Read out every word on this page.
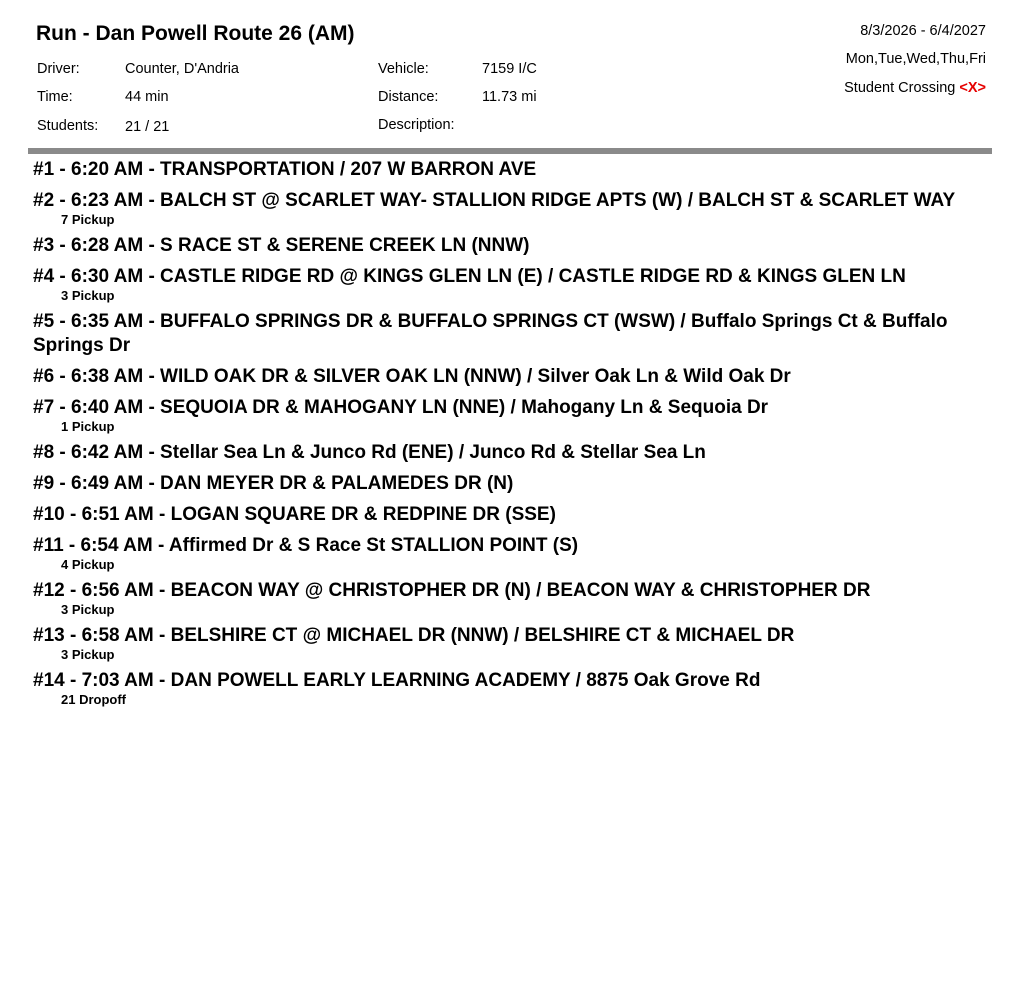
Run - Dan Powell Route 26 (AM)
Driver:	Counter, D'Andria
Time:	44 min
Students: 21 / 21
Vehicle:	7159 I/C
Distance:	11.73 mi
Description:
8/3/2026 - 6/4/2027
Mon,Tue,Wed,Thu,Fri
Student Crossing <X>
#1 - 6:20 AM - TRANSPORTATION / 207 W BARRON AVE
#2 - 6:23 AM - BALCH ST @ SCARLET WAY- STALLION RIDGE APTS (W) / BALCH ST & SCARLET WAY
7 Pickup
#3 - 6:28 AM - S RACE ST & SERENE CREEK LN (NNW)
#4 - 6:30 AM - CASTLE RIDGE RD @ KINGS GLEN LN (E) / CASTLE RIDGE RD & KINGS GLEN LN
3 Pickup
#5 - 6:35 AM - BUFFALO SPRINGS DR & BUFFALO SPRINGS CT (WSW) / Buffalo Springs Ct & Buffalo Springs Dr
#6 - 6:38 AM - WILD OAK DR & SILVER OAK LN (NNW) / Silver Oak Ln & Wild Oak Dr
#7 - 6:40 AM - SEQUOIA DR & MAHOGANY LN (NNE) / Mahogany Ln & Sequoia Dr
1 Pickup
#8 - 6:42 AM - Stellar Sea Ln & Junco Rd (ENE) / Junco Rd & Stellar Sea Ln
#9 - 6:49 AM - DAN MEYER DR & PALAMEDES DR (N)
#10 - 6:51 AM - LOGAN SQUARE DR & REDPINE DR (SSE)
#11 - 6:54 AM - Affirmed Dr & S Race St STALLION POINT (S)
4 Pickup
#12 - 6:56 AM - BEACON WAY @ CHRISTOPHER DR (N) / BEACON WAY & CHRISTOPHER DR
3 Pickup
#13 - 6:58 AM - BELSHIRE CT @ MICHAEL DR (NNW) / BELSHIRE CT & MICHAEL DR
3 Pickup
#14 - 7:03 AM - DAN POWELL EARLY LEARNING ACADEMY / 8875 Oak Grove Rd
21 Dropoff
